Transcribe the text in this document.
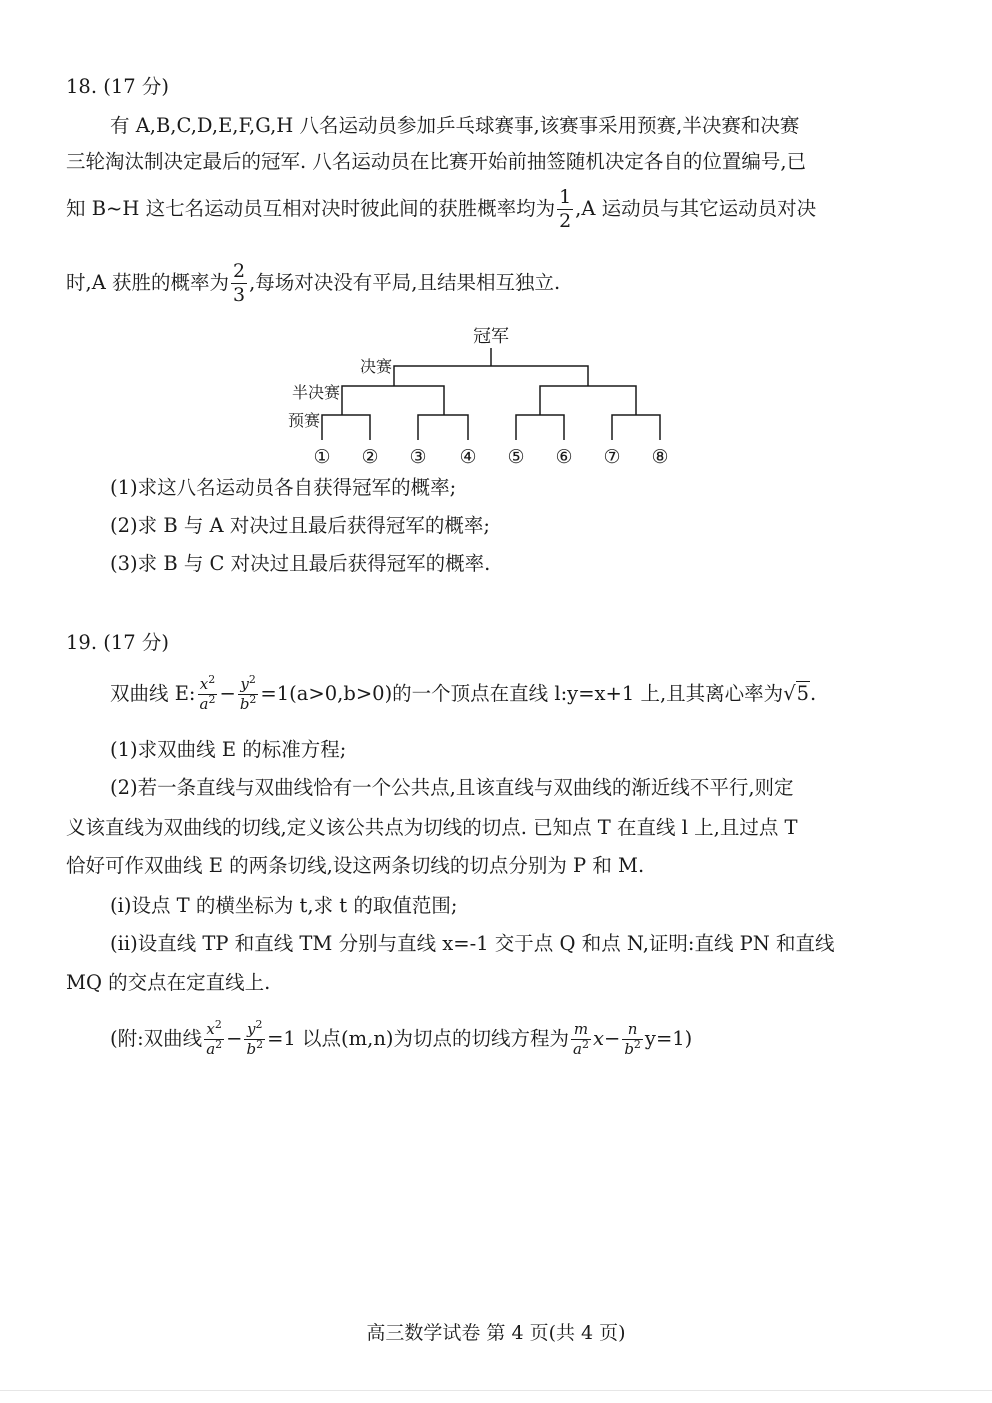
18. (17 分)
有 A,B,C,D,E,F,G,H 八名运动员参加乒乓球赛事,该赛事采用预赛,半决赛和决赛
三轮淘汰制决定最后的冠军. 八名运动员在比赛开始前抽签随机决定各自的位置编号,已
知 B~H 这七名运动员互相对决时彼此间的获胜概率均为 $\frac{1}{2} ,A$ 运动员与其它运动员对决
时,A 获胜的概率为 $\frac{2}{3}$ ,每场对决没有平局,且结果相互独立.
冠军
决赛
半决赛
预赛
① ② ③ ④ ⑤ ⑥ ⑦ ⑧
(1)求这八名运动员各自获得冠军的概率;
(2)求 B 与 A 对决过且最后获得冠军的概率;
(3)求 B 与 C 对决过且最后获得冠军的概率.
19. (17 分)
双曲线 E: $\frac{x^2}{a^2} - \frac{y^2}{b^2} =1(a>0,b>0)$的一个顶点在直线 l:y=x+1 上,且其离心率为√5.
(1)求双曲线 E 的标准方程;
(2)若一条直线与双曲线恰有一个公共点,且该直线与双曲线的渐近线不平行,则定
义该直线为双曲线的切线,定义该公共点为切线的切点. 已知点 T 在直线 l 上,且过点 T
恰好可作双曲线 E 的两条切线,设这两条切线的切点分别为 P 和 M.
(i)设点 T 的横坐标为 t,求 t 的取值范围;
(ii)设直线 TP 和直线 TM 分别与直线 x=-1 交于点 Q 和点 N,证明:直线 PN 和直线
MQ 的交点在定直线上.
(附:双曲线 $\frac{x^2}{a^2} - \frac{y^2}{b^2} =1$ 以点(m,n)为切点的切线方程为 $\frac{m}{a^2} x- \frac{n}{b^2} y=1$)
高三数学试卷 第 4 页(共 4 页)
